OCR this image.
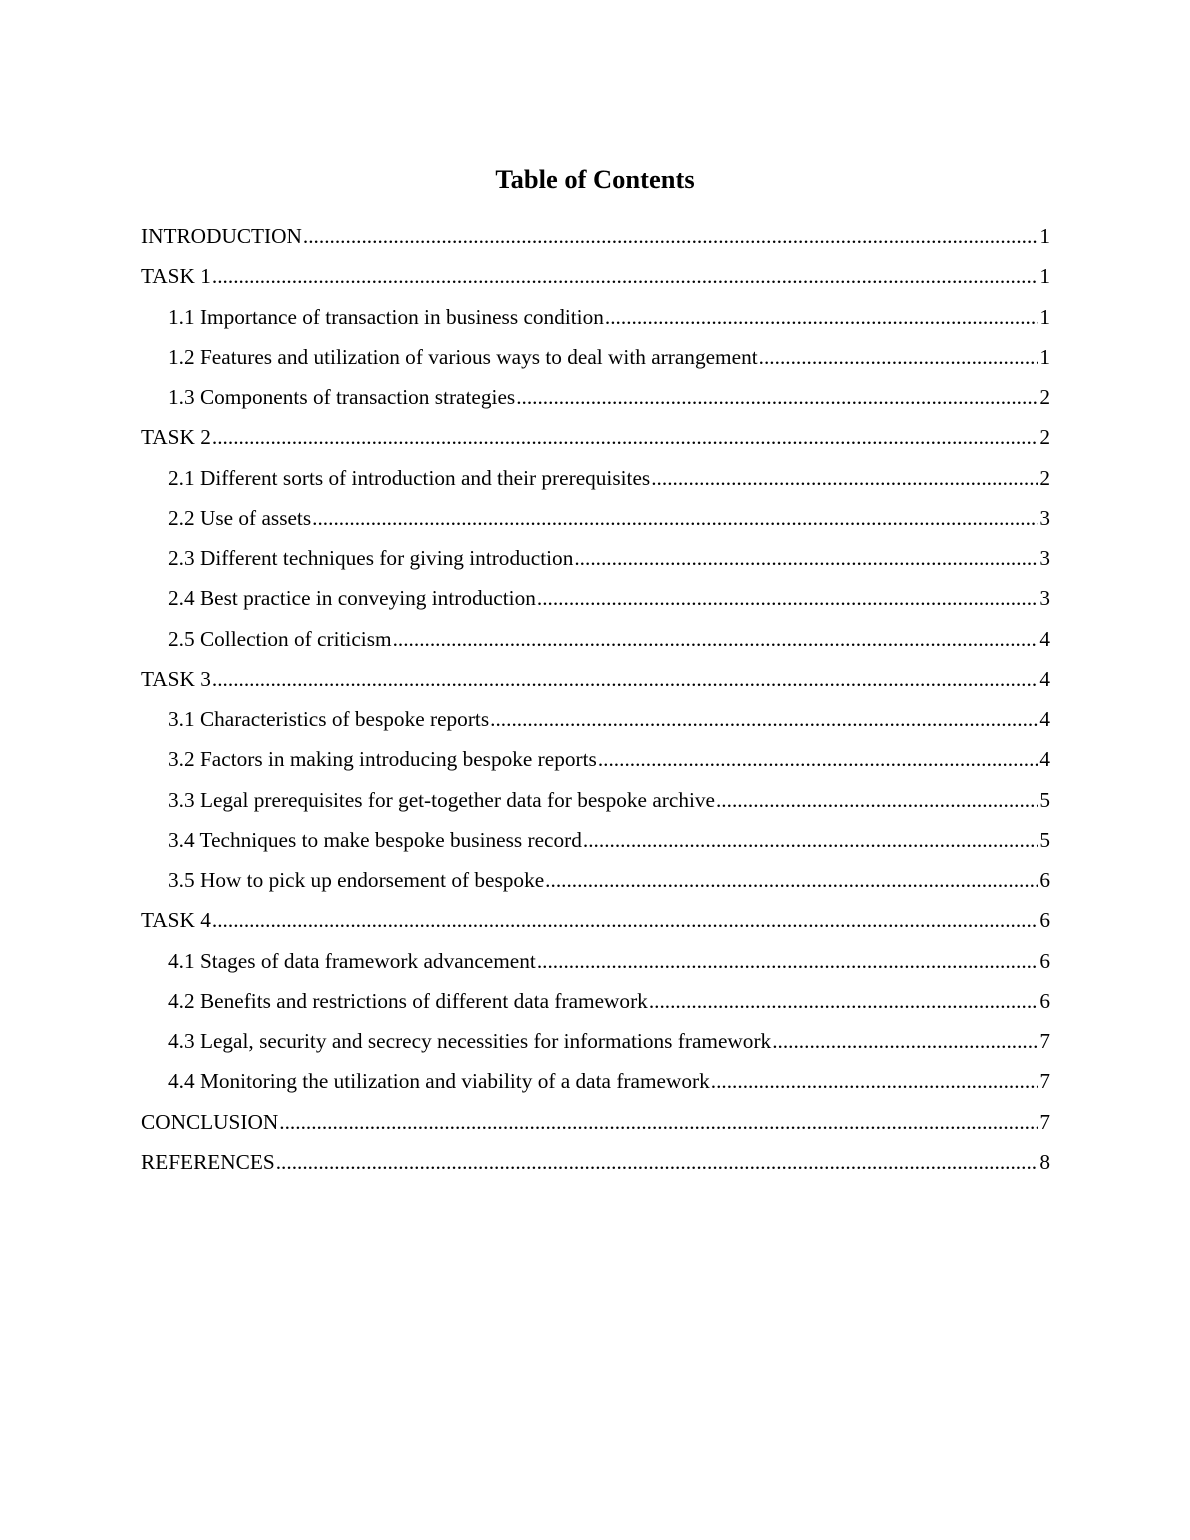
Table of Contents
INTRODUCTION .....	1
TASK 1 .....	1
1.1 Importance of transaction in business condition .....	1
1.2 Features and utilization of various ways to deal with arrangement .....	1
1.3 Components of transaction strategies .....	2
TASK 2 .....	2
2.1 Different sorts of introduction and their prerequisites .....	2
2.2 Use of assets .....	3
2.3 Different techniques for giving introduction .....	3
2.4 Best practice in conveying introduction .....	3
2.5 Collection of criticism .....	4
TASK 3 .....	4
3.1 Characteristics of bespoke reports .....	4
3.2 Factors in making introducing bespoke reports .....	4
3.3 Legal prerequisites for get-together data for bespoke archive .....	5
3.4 Techniques to make bespoke business record .....	5
3.5 How to pick up endorsement of bespoke .....	6
TASK 4 .....	6
4.1 Stages of data framework advancement .....	6
4.2 Benefits and restrictions of different data framework .....	6
4.3 Legal, security and secrecy necessities for informations framework .....	7
4.4 Monitoring the utilization and viability of a data framework .....	7
CONCLUSION .....	7
REFERENCES .....	8
